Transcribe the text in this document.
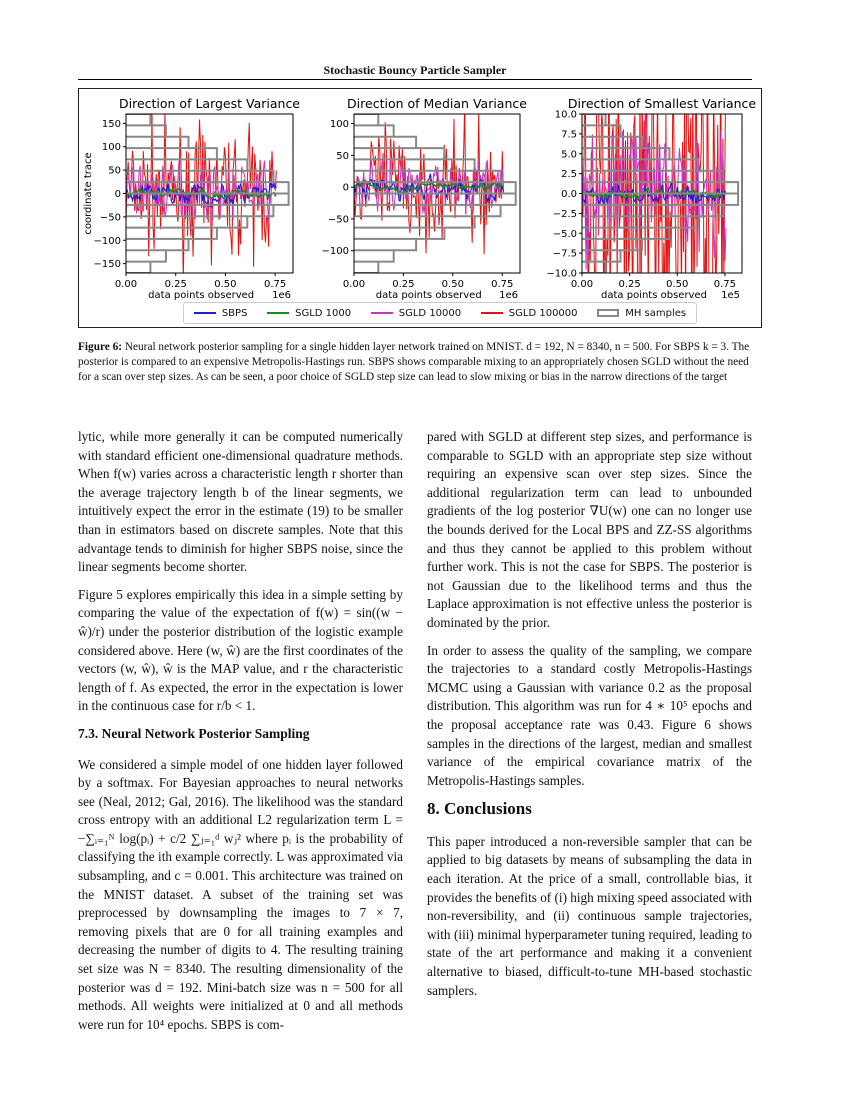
Stochastic Bouncy Particle Sampler
Direction of Largest Variance
150
100
50
0
−50
−100
−150
0.00	0.25	0.50	0.75
data points observed 1e6
coordinate trace
Direction of Median Variance
100
50
0
−50
−100
0.00	0.25	0.50	0.75
data points observed 1e6
Direction of Smallest Variance
10.0
7.5
5.0
2.5
0.0
−2.5
−5.0
−7.5
−10.0
0.00	0.25	0.50	0.75
data points observed 1e5
SBPS	SGLD 1000	SGLD 10000	SGLD 100000	MH samples
Figure 6: Neural network posterior sampling for a single hidden layer network trained on MNIST. d = 192, N = 8340, n = 500. For SBPS k = 3. The posterior is compared to an expensive Metropolis-Hastings run. SBPS shows comparable mixing to an appropriately chosen SGLD without the need for a scan over step sizes. As can be seen, a poor choice of SGLD step size can lead to slow mixing or bias in the narrow directions of the target

lytic, while more generally it can be computed numerically with standard efficient one-dimensional quadrature methods. When f(w) varies across a characteristic length r shorter than the average trajectory length b of the linear segments, we intuitively expect the error in the estimate (19) to be smaller than in estimators based on discrete samples. Note that this advantage tends to diminish for higher SBPS noise, since the linear segments become shorter.

Figure 5 explores empirically this idea in a simple setting by comparing the value of the expectation of f(w) = sin((w − ŵ)/r) under the posterior distribution of the logistic example considered above. Here (w, ŵ) are the first coordinates of the vectors (w, ŵ), ŵ is the MAP value, and r the characteristic length of f. As expected, the error in the expectation is lower in the continuous case for r/b < 1.

7.3. Neural Network Posterior Sampling

We considered a simple model of one hidden layer followed by a softmax. For Bayesian approaches to neural networks see (Neal, 2012; Gal, 2016). The likelihood was the standard cross entropy with an additional L2 regularization term L = −∑ᵢ₌₁ᴺ log(pᵢ) + c/2 ∑ⱼ₌₁ᵈ wⱼ² where pᵢ is the probability of classifying the ith example correctly. L was approximated via subsampling, and c = 0.001. This architecture was trained on the MNIST dataset. A subset of the training set was preprocessed by downsampling the images to 7 × 7, removing pixels that are 0 for all training examples and decreasing the number of digits to 4. The resulting training set size was N = 8340. The resulting dimensionality of the posterior was d = 192. Mini-batch size was n = 500 for all methods. All weights were initialized at 0 and all methods were run for 10⁴ epochs. SBPS is com-

pared with SGLD at different step sizes, and performance is comparable to SGLD with an appropriate step size without requiring an expensive scan over step sizes. Since the additional regularization term can lead to unbounded gradients of the log posterior ∇U(w) one can no longer use the bounds derived for the Local BPS and ZZ-SS algorithms and thus they cannot be applied to this problem without further work. This is not the case for SBPS. The posterior is not Gaussian due to the likelihood terms and thus the Laplace approximation is not effective unless the posterior is dominated by the prior.

In order to assess the quality of the sampling, we compare the trajectories to a standard costly Metropolis-Hastings MCMC using a Gaussian with variance 0.2 as the proposal distribution. This algorithm was run for 4 ∗ 10⁵ epochs and the proposal acceptance rate was 0.43. Figure 6 shows samples in the directions of the largest, median and smallest variance of the empirical covariance matrix of the Metropolis-Hastings samples.

8. Conclusions

This paper introduced a non-reversible sampler that can be applied to big datasets by means of subsampling the data in each iteration. At the price of a small, controllable bias, it provides the benefits of (i) high mixing speed associated with non-reversibility, and (ii) continuous sample trajectories, with (iii) minimal hyperparameter tuning required, leading to state of the art performance and making it a convenient alternative to biased, difficult-to-tune MH-based stochastic samplers.
